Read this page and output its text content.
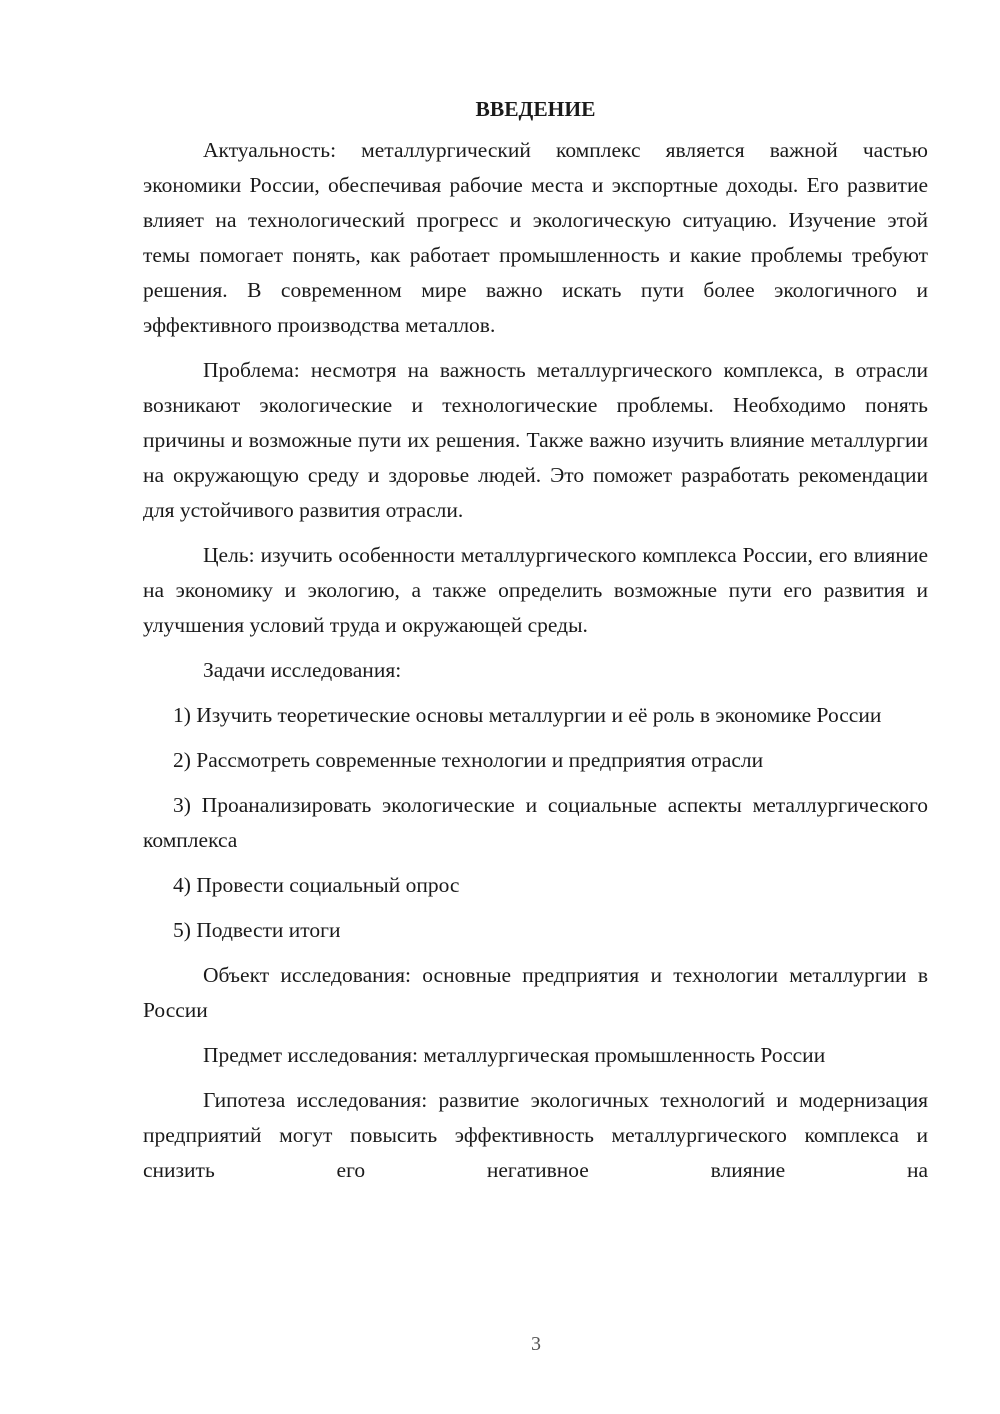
ВВЕДЕНИЕ

Актуальность: металлургический комплекс является важной частью экономики России, обеспечивая рабочие места и экспортные доходы. Его развитие влияет на технологический прогресс и экологическую ситуацию. Изучение этой темы помогает понять, как работает промышленность и какие проблемы требуют решения. В современном мире важно искать пути более экологичного и эффективного производства металлов.

Проблема: несмотря на важность металлургического комплекса, в отрасли возникают экологические и технологические проблемы. Необходимо понять причины и возможные пути их решения. Также важно изучить влияние металлургии на окружающую среду и здоровье людей. Это поможет разработать рекомендации для устойчивого развития отрасли.

Цель: изучить особенности металлургического комплекса России, его влияние на экономику и экологию, а также определить возможные пути его развития и улучшения условий труда и окружающей среды.

Задачи исследования:

1) Изучить теоретические основы металлургии и её роль в экономике России

2) Рассмотреть современные технологии и предприятия отрасли

3) Проанализировать экологические и социальные аспекты металлургического комплекса

4) Провести социальный опрос

5) Подвести итоги

Объект исследования: основные предприятия и технологии металлургии в России

Предмет исследования: металлургическая промышленность России

Гипотеза исследования: развитие экологичных технологий и модернизация предприятий могут повысить эффективность металлургического комплекса и снизить его негативное влияние на

3
